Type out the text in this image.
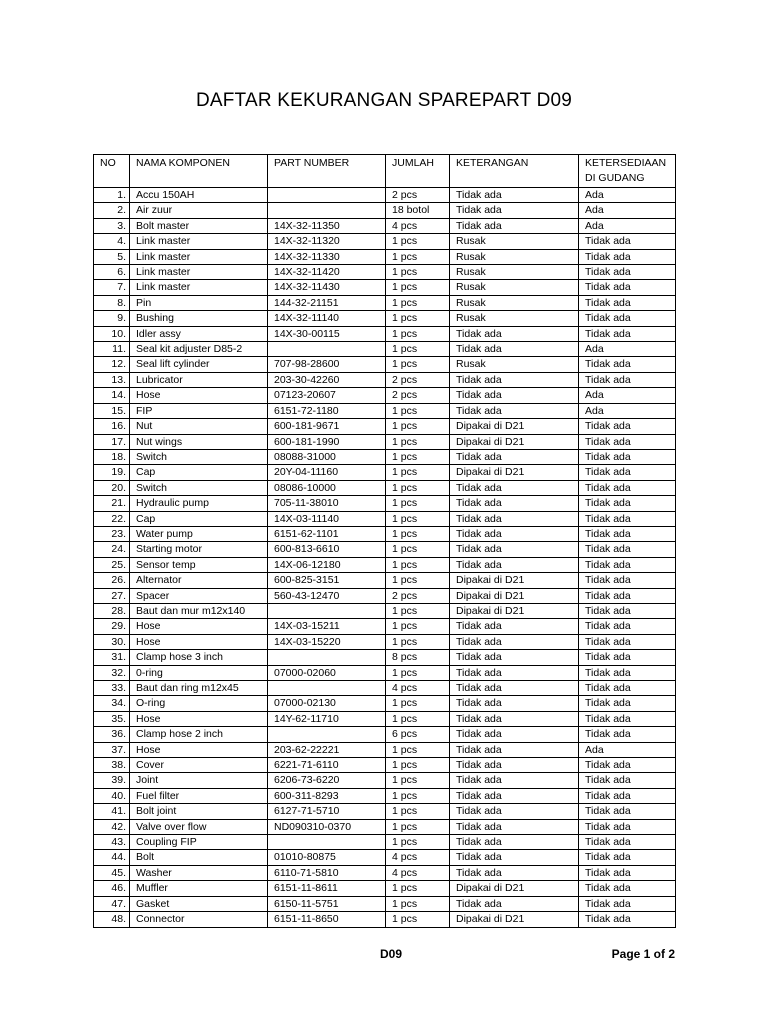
DAFTAR KEKURANGAN SPAREPART D09
NO	NAMA KOMPONEN	PART NUMBER	JUMLAH	KETERANGAN	KETERSEDIAAN DI GUDANG
1.	Accu 150AH		2 pcs	Tidak ada	Ada
2.	Air zuur		18 botol	Tidak ada	Ada
3.	Bolt master	14X-32-11350	4 pcs	Tidak ada	Ada
4.	Link master	14X-32-11320	1 pcs	Rusak	Tidak ada
5.	Link master	14X-32-11330	1 pcs	Rusak	Tidak ada
6.	Link master	14X-32-11420	1 pcs	Rusak	Tidak ada
7.	Link master	14X-32-11430	1 pcs	Rusak	Tidak ada
8.	Pin	144-32-21151	1 pcs	Rusak	Tidak ada
9.	Bushing	14X-32-11140	1 pcs	Rusak	Tidak ada
10.	Idler assy	14X-30-00115	1 pcs	Tidak ada	Tidak ada
11.	Seal kit adjuster D85-2		1 pcs	Tidak ada	Ada
12.	Seal lift cylinder	707-98-28600	1 pcs	Rusak	Tidak ada
13.	Lubricator	203-30-42260	2 pcs	Tidak ada	Tidak ada
14.	Hose	07123-20607	2 pcs	Tidak ada	Ada
15.	FIP	6151-72-1180	1 pcs	Tidak ada	Ada
16.	Nut	600-181-9671	1 pcs	Dipakai di D21	Tidak ada
17.	Nut wings	600-181-1990	1 pcs	Dipakai di D21	Tidak ada
18.	Switch	08088-31000	1 pcs	Tidak ada	Tidak ada
19.	Cap	20Y-04-11160	1 pcs	Dipakai di D21	Tidak ada
20.	Switch	08086-10000	1 pcs	Tidak ada	Tidak ada
21.	Hydraulic pump	705-11-38010	1 pcs	Tidak ada	Tidak ada
22.	Cap	14X-03-11140	1 pcs	Tidak ada	Tidak ada
23.	Water pump	6151-62-1101	1 pcs	Tidak ada	Tidak ada
24.	Starting motor	600-813-6610	1 pcs	Tidak ada	Tidak ada
25.	Sensor temp	14X-06-12180	1 pcs	Tidak ada	Tidak ada
26.	Alternator	600-825-3151	1 pcs	Dipakai di D21	Tidak ada
27.	Spacer	560-43-12470	2 pcs	Dipakai di D21	Tidak ada
28.	Baut dan mur m12x140		1 pcs	Dipakai di D21	Tidak ada
29.	Hose	14X-03-15211	1 pcs	Tidak ada	Tidak ada
30.	Hose	14X-03-15220	1 pcs	Tidak ada	Tidak ada
31.	Clamp hose 3 inch		8 pcs	Tidak ada	Tidak ada
32.	0-ring	07000-02060	1 pcs	Tidak ada	Tidak ada
33.	Baut dan ring m12x45		4 pcs	Tidak ada	Tidak ada
34.	O-ring	07000-02130	1 pcs	Tidak ada	Tidak ada
35.	Hose	14Y-62-11710	1 pcs	Tidak ada	Tidak ada
36.	Clamp hose 2 inch		6 pcs	Tidak ada	Tidak ada
37.	Hose	203-62-22221	1 pcs	Tidak ada	Ada
38.	Cover	6221-71-6110	1 pcs	Tidak ada	Tidak ada
39.	Joint	6206-73-6220	1 pcs	Tidak ada	Tidak ada
40.	Fuel filter	600-311-8293	1 pcs	Tidak ada	Tidak ada
41.	Bolt joint	6127-71-5710	1 pcs	Tidak ada	Tidak ada
42.	Valve over flow	ND090310-0370	1 pcs	Tidak ada	Tidak ada
43.	Coupling FIP		1 pcs	Tidak ada	Tidak ada
44.	Bolt	01010-80875	4 pcs	Tidak ada	Tidak ada
45.	Washer	6110-71-5810	4 pcs	Tidak ada	Tidak ada
46.	Muffler	6151-11-8611	1 pcs	Dipakai di D21	Tidak ada
47.	Gasket	6150-11-5751	1 pcs	Tidak ada	Tidak ada
48.	Connector	6151-11-8650	1 pcs	Dipakai di D21	Tidak ada
D09	Page 1 of 2
